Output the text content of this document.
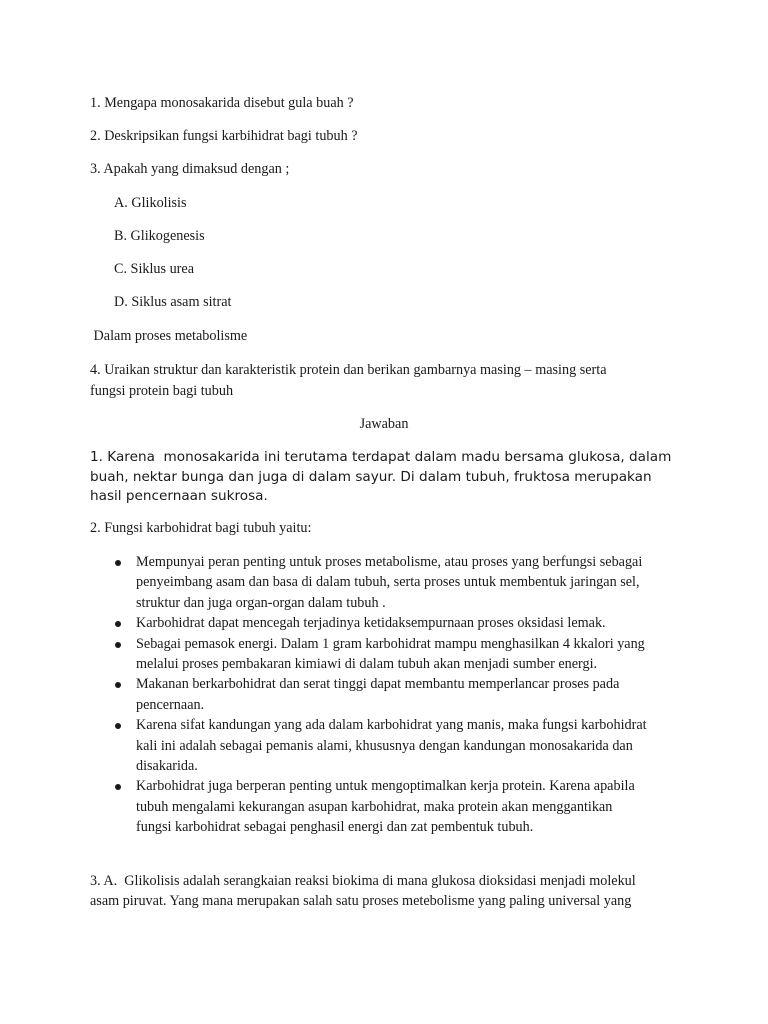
1. Mengapa monosakarida disebut gula buah ?

2. Deskripsikan fungsi karbihidrat bagi tubuh ?

3. Apakah yang dimaksud dengan ;

A. Glikolisis

B. Glikogenesis

C. Siklus urea

D. Siklus asam sitrat

Dalam proses metabolisme

4. Uraikan struktur dan karakteristik protein dan berikan gambarnya masing – masing serta

fungsi protein bagi tubuh

Jawaban

1. Karena  monosakarida ini terutama terdapat dalam madu bersama glukosa, dalam

buah, nektar bunga dan juga di dalam sayur. Di dalam tubuh, fruktosa merupakan

hasil pencernaan sukrosa.

2. Fungsi karbohidrat bagi tubuh yaitu:

Mempunyai peran penting untuk proses metabolisme, atau proses yang berfungsi sebagai
penyeimbang asam dan basa di dalam tubuh, serta proses untuk membentuk jaringan sel,
struktur dan juga organ-organ dalam tubuh .
Karbohidrat dapat mencegah terjadinya ketidaksempurnaan proses oksidasi lemak.
Sebagai pemasok energi. Dalam 1 gram karbohidrat mampu menghasilkan 4 kkalori yang
melalui proses pembakaran kimiawi di dalam tubuh akan menjadi sumber energi.
Makanan berkarbohidrat dan serat tinggi dapat membantu memperlancar proses pada
pencernaan.
Karena sifat kandungan yang ada dalam karbohidrat yang manis, maka fungsi karbohidrat
kali ini adalah sebagai pemanis alami, khususnya dengan kandungan monosakarida dan
disakarida.
Karbohidrat juga berperan penting untuk mengoptimalkan kerja protein. Karena apabila
tubuh mengalami kekurangan asupan karbohidrat, maka protein akan menggantikan
fungsi karbohidrat sebagai penghasil energi dan zat pembentuk tubuh.

3. A.  Glikolisis adalah serangkaian reaksi biokima di mana glukosa dioksidasi menjadi molekul

asam piruvat. Yang mana merupakan salah satu proses metebolisme yang paling universal yang
